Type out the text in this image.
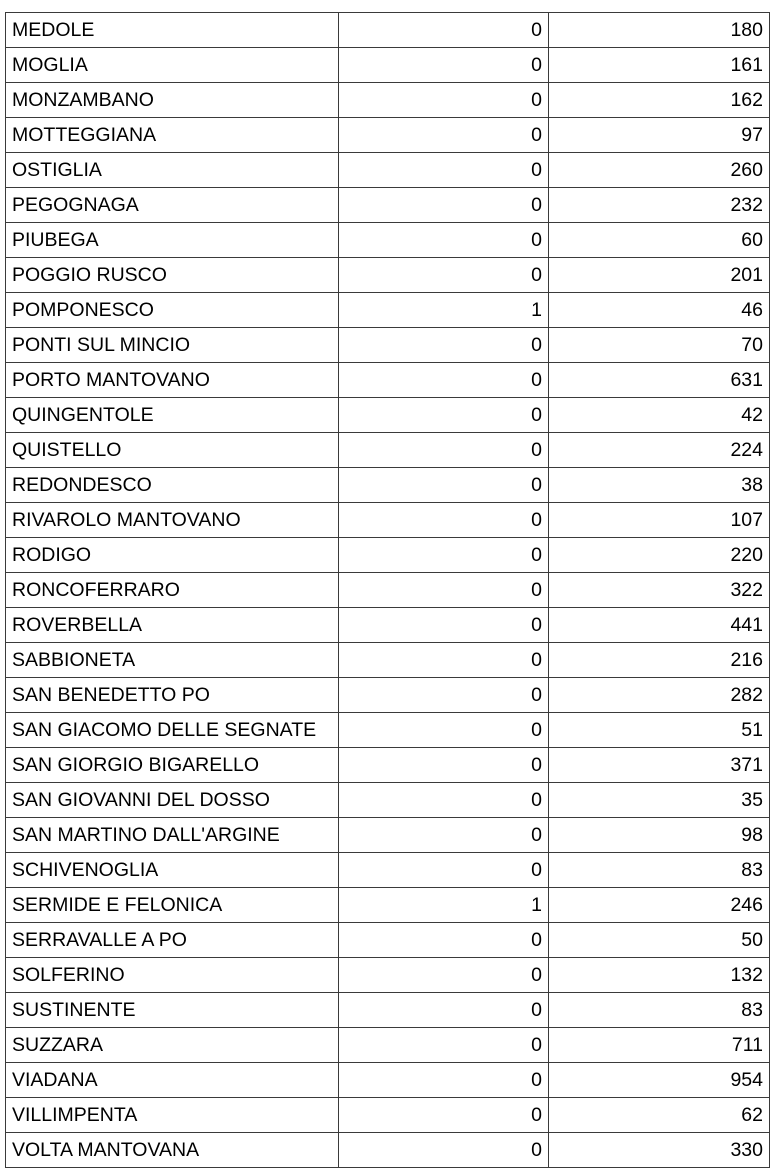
MEDOLE	0	180
MOGLIA	0	161
MONZAMBANO	0	162
MOTTEGGIANA	0	97
OSTIGLIA	0	260
PEGOGNAGA	0	232
PIUBEGA	0	60
POGGIO RUSCO	0	201
POMPONESCO	1	46
PONTI SUL MINCIO	0	70
PORTO MANTOVANO	0	631
QUINGENTOLE	0	42
QUISTELLO	0	224
REDONDESCO	0	38
RIVAROLO MANTOVANO	0	107
RODIGO	0	220
RONCOFERRARO	0	322
ROVERBELLA	0	441
SABBIONETA	0	216
SAN BENEDETTO PO	0	282
SAN GIACOMO DELLE SEGNATE	0	51
SAN GIORGIO BIGARELLO	0	371
SAN GIOVANNI DEL DOSSO	0	35
SAN MARTINO DALL'ARGINE	0	98
SCHIVENOGLIA	0	83
SERMIDE E FELONICA	1	246
SERRAVALLE A PO	0	50
SOLFERINO	0	132
SUSTINENTE	0	83
SUZZARA	0	711
VIADANA	0	954
VILLIMPENTA	0	62
VOLTA MANTOVANA	0	330
